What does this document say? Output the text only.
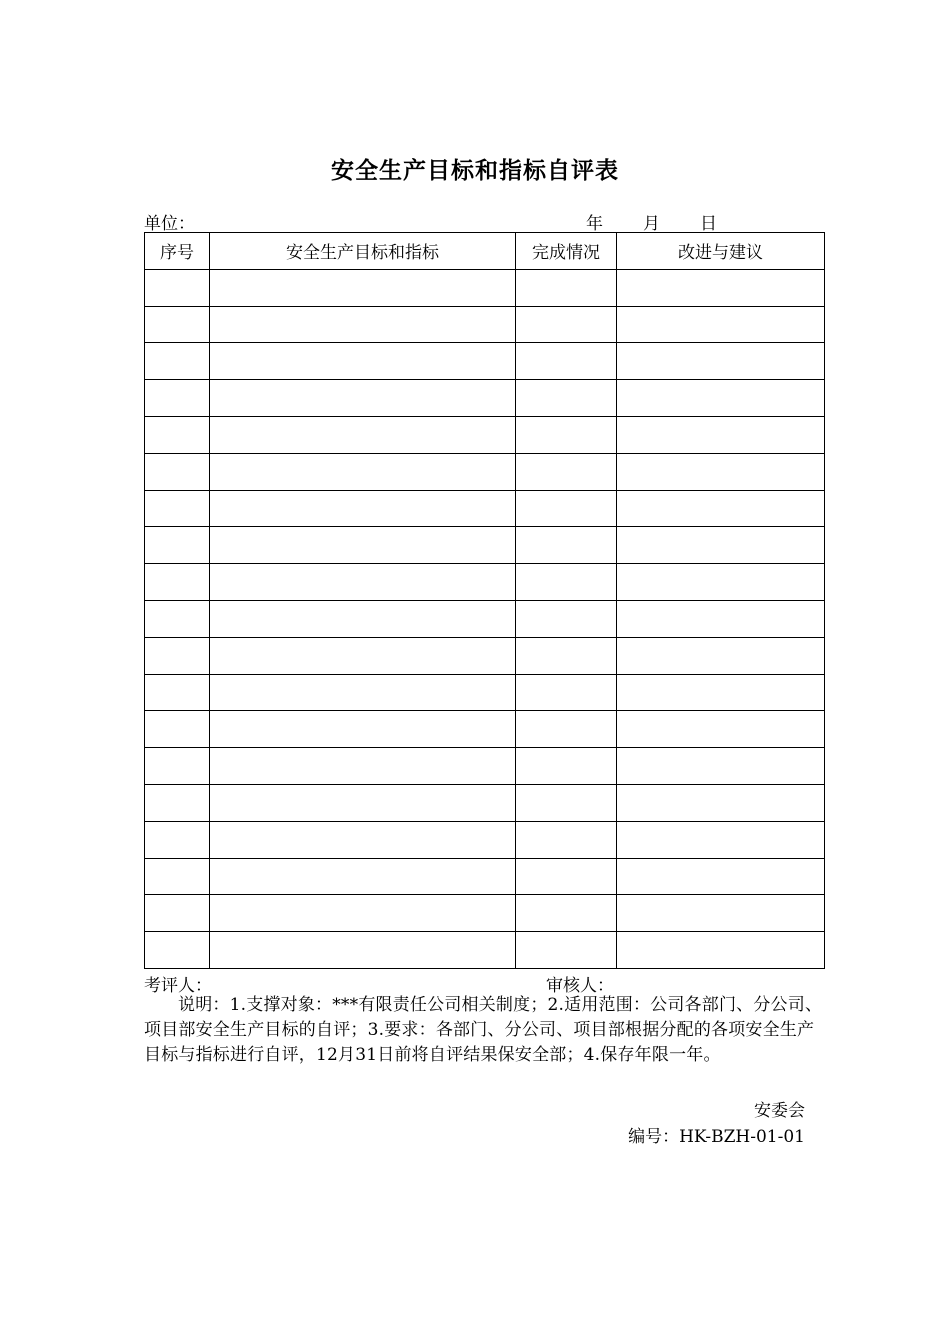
安全生产目标和指标自评表
单位：	年 月 日
序号	安全生产目标和指标	完成情况	改进与建议

考评人：	审核人：
说明：1.支撑对象：***有限责任公司相关制度；2.适用范围：公司各部门、分公司、项目部安全生产目标的自评；3.要求：各部门、分公司、项目部根据分配的各项安全生产目标与指标进行自评，12月31日前将自评结果保安全部；4.保存年限一年。
安委会
编号：HK-BZH-01-01
